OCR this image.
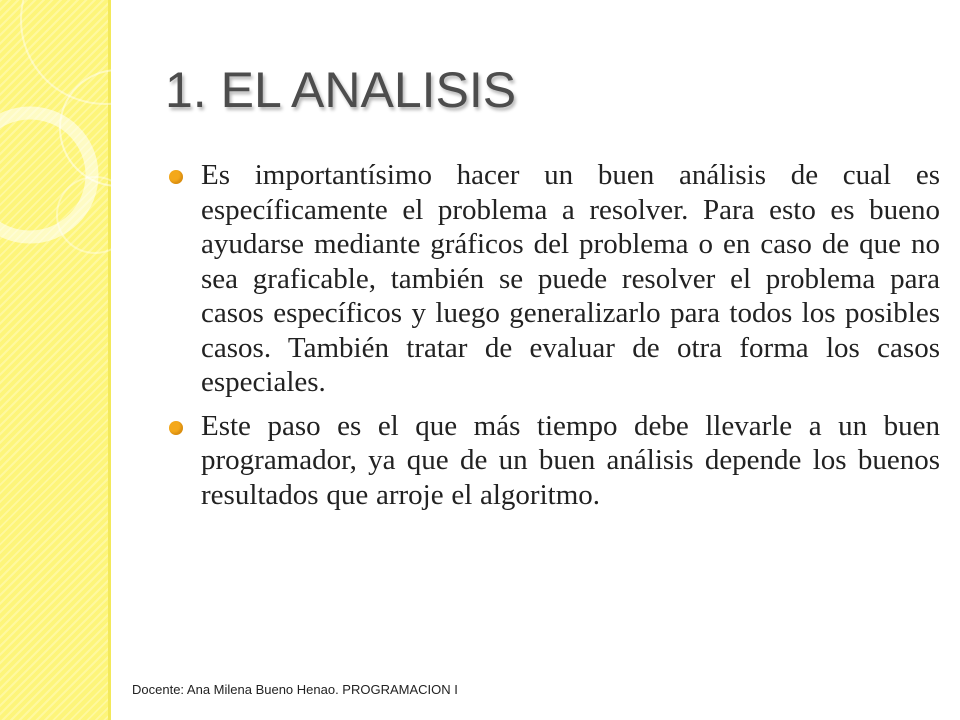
1. EL ANALISIS
Es importantísimo hacer un buen análisis de cual es específicamente el problema a resolver. Para esto es bueno ayudarse mediante gráficos del problema o en caso de que no sea graficable, también se puede resolver el problema para casos específicos y luego generalizarlo para todos los posibles casos. También tratar de evaluar de otra forma los casos especiales.
Este paso es el que más tiempo debe llevarle a un buen programador, ya que de un buen análisis depende los buenos resultados que arroje el algoritmo.
Docente: Ana Milena Bueno Henao. PROGRAMACION I
